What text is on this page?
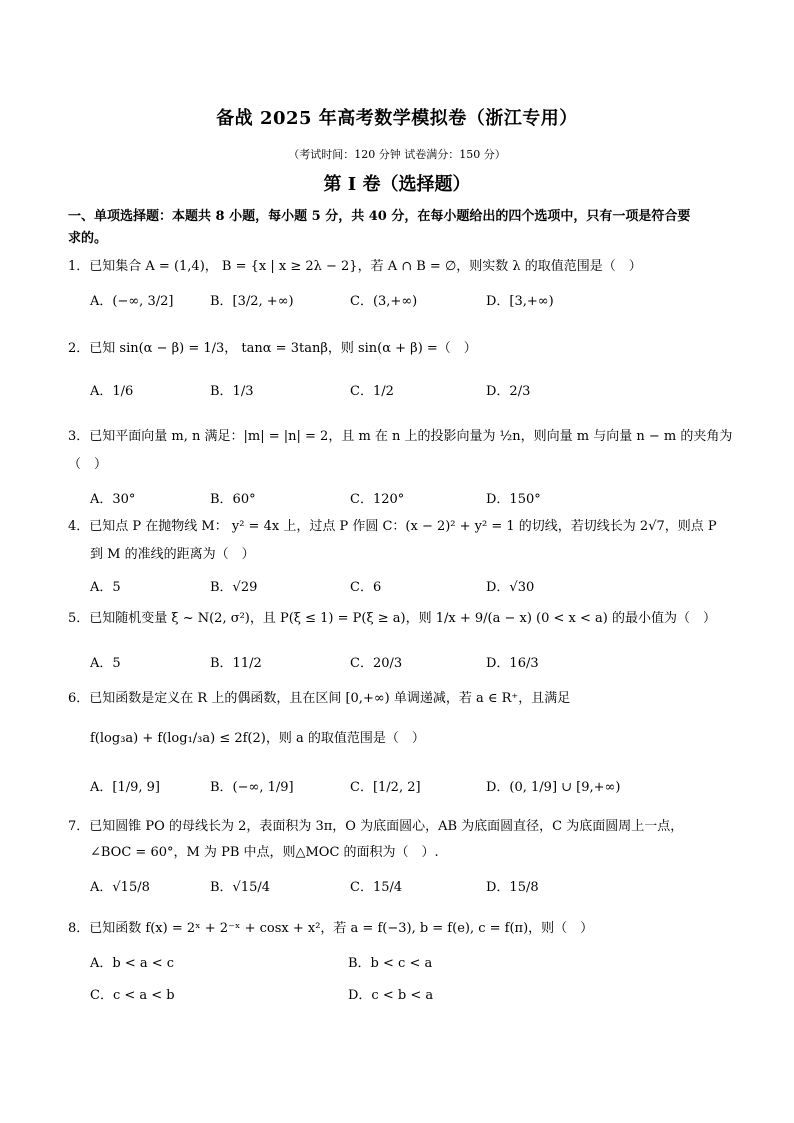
备战 2025 年高考数学模拟卷（浙江专用）
（考试时间：120 分钟 试卷满分：150 分）
第 I 卷（选择题）
一、单项选择题：本题共 8 小题，每小题 5 分，共 40 分，在每小题给出的四个选项中，只有一项是符合要
求的。
1．已知集合 A = (1,4)， B = {x | x ≥ 2λ − 2}，若 A ∩ B = ∅，则实数 λ 的取值范围是（　）
A．(−∞, 3/2]	B．[3/2, +∞)	C．(3,+∞)	D．[3,+∞)
2．已知 sin(α − β) = 1/3， tanα = 3tanβ，则 sin(α + β) =（　）
A．1/6	B．1/3	C．1/2	D．2/3
3．已知平面向量 m, n 满足：|m| = |n| = 2，且 m 在 n 上的投影向量为 ½n，则向量 m 与向量 n − m 的夹角为
（　）
A．30°	B．60°	C．120°	D．150°
4．已知点 P 在抛物线 M： y² = 4x 上，过点 P 作圆 C：(x − 2)² + y² = 1 的切线，若切线长为 2√7，则点 P
到 M 的准线的距离为（　）
A．5	B．√29	C．6	D．√30
5．已知随机变量 ξ ~ N(2, σ²)，且 P(ξ ≤ 1) = P(ξ ≥ a)，则 1/x + 9/(a − x) (0 < x < a) 的最小值为（　）
A．5	B．11/2	C．20/3	D．16/3
6．已知函数是定义在 R 上的偶函数，且在区间 [0,+∞) 单调递减，若 a ∈ R⁺，且满足
f(log₃a) + f(log₁/₃a) ≤ 2f(2)，则 a 的取值范围是（　）
A．[1/9, 9]	B．(−∞, 1/9]	C．[1/2, 2]	D．(0, 1/9] ∪ [9,+∞)
7．已知圆锥 PO 的母线长为 2，表面积为 3π，O 为底面圆心，AB 为底面圆直径，C 为底面圆周上一点，
∠BOC = 60°，M 为 PB 中点，则△MOC 的面积为（　）.
A．√15/8	B．√15/4	C．15/4	D．15/8
8．已知函数 f(x) = 2ˣ + 2⁻ˣ + cosx + x²，若 a = f(−3), b = f(e), c = f(π)，则（　）
A．b < a < c	B．b < c < a
C．c < a < b	D．c < b < a
